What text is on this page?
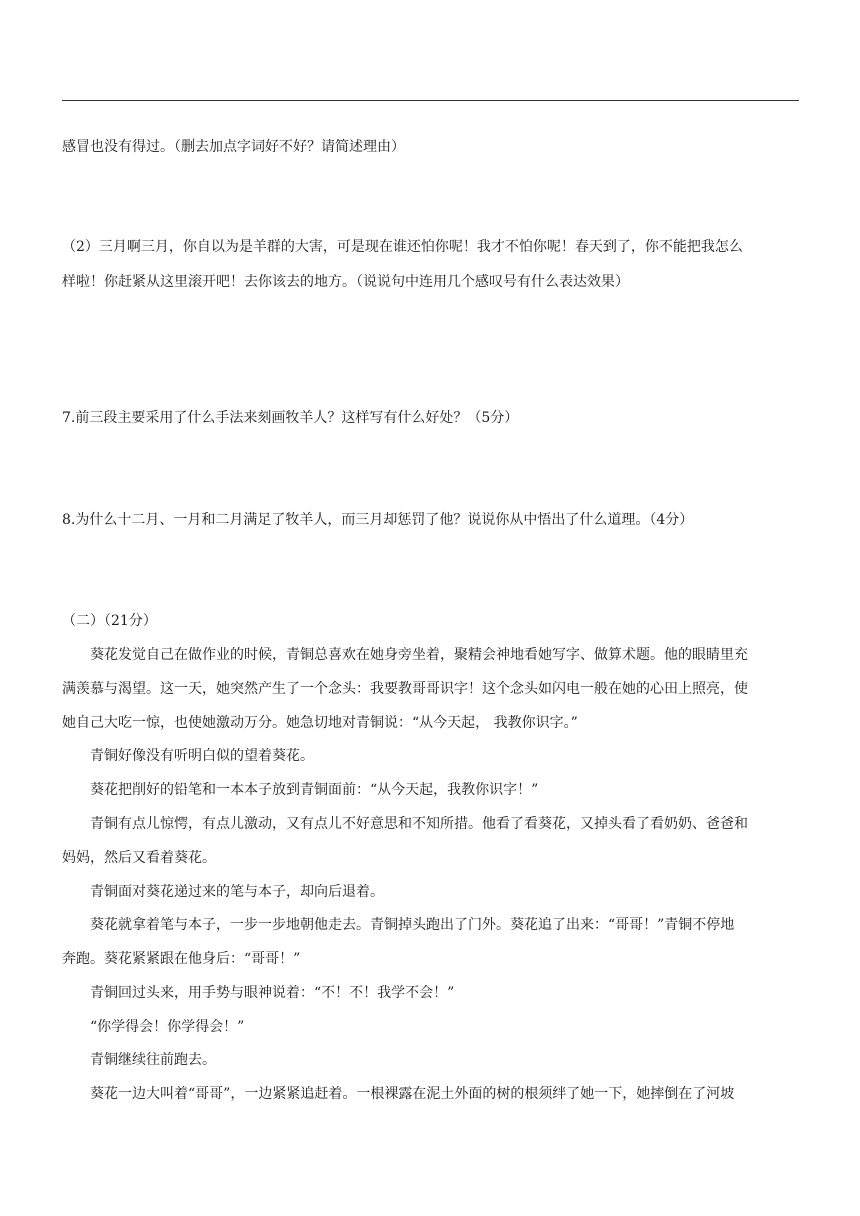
感冒也没有得过。（删去加点字词好不好？请简述理由）
（2）三月啊三月，你自以为是羊群的大害，可是现在谁还怕你呢！我才不怕你呢！春天到了，你不能把我怎么
样啦！你赶紧从这里滚开吧！去你该去的地方。（说说句中连用几个感叹号有什么表达效果）
7.前三段主要采用了什么手法来刻画牧羊人？这样写有什么好处？（5分）
8.为什么十二月、一月和二月满足了牧羊人，而三月却惩罚了他？说说你从中悟出了什么道理。（4分）
（二）（21分）
葵花发觉自己在做作业的时候，青铜总喜欢在她身旁坐着，聚精会神地看她写字、做算术题。他的眼睛里充
满羡慕与渴望。这一天，她突然产生了一个念头：我要教哥哥识字！这个念头如闪电一般在她的心田上照亮，使
她自己大吃一惊，也使她激动万分。她急切地对青铜说：“从今天起， 我教你识字。”
青铜好像没有听明白似的望着葵花。
葵花把削好的铅笔和一本本子放到青铜面前：“从今天起，我教你识字！”
青铜有点儿惊愕，有点儿激动，又有点儿不好意思和不知所措。他看了看葵花，又掉头看了看奶奶、爸爸和
妈妈，然后又看着葵花。
青铜面对葵花递过来的笔与本子，却向后退着。
葵花就拿着笔与本子，一步一步地朝他走去。青铜掉头跑出了门外。葵花追了出来：“哥哥！”青铜不停地
奔跑。葵花紧紧跟在他身后：“哥哥！”
青铜回过头来，用手势与眼神说着：“不！不！我学不会！”
“你学得会！你学得会！”
青铜继续往前跑去。
葵花一边大叫着“哥哥”，一边紧紧追赶着。一根裸露在泥土外面的树的根须绊了她一下，她摔倒在了河坡
